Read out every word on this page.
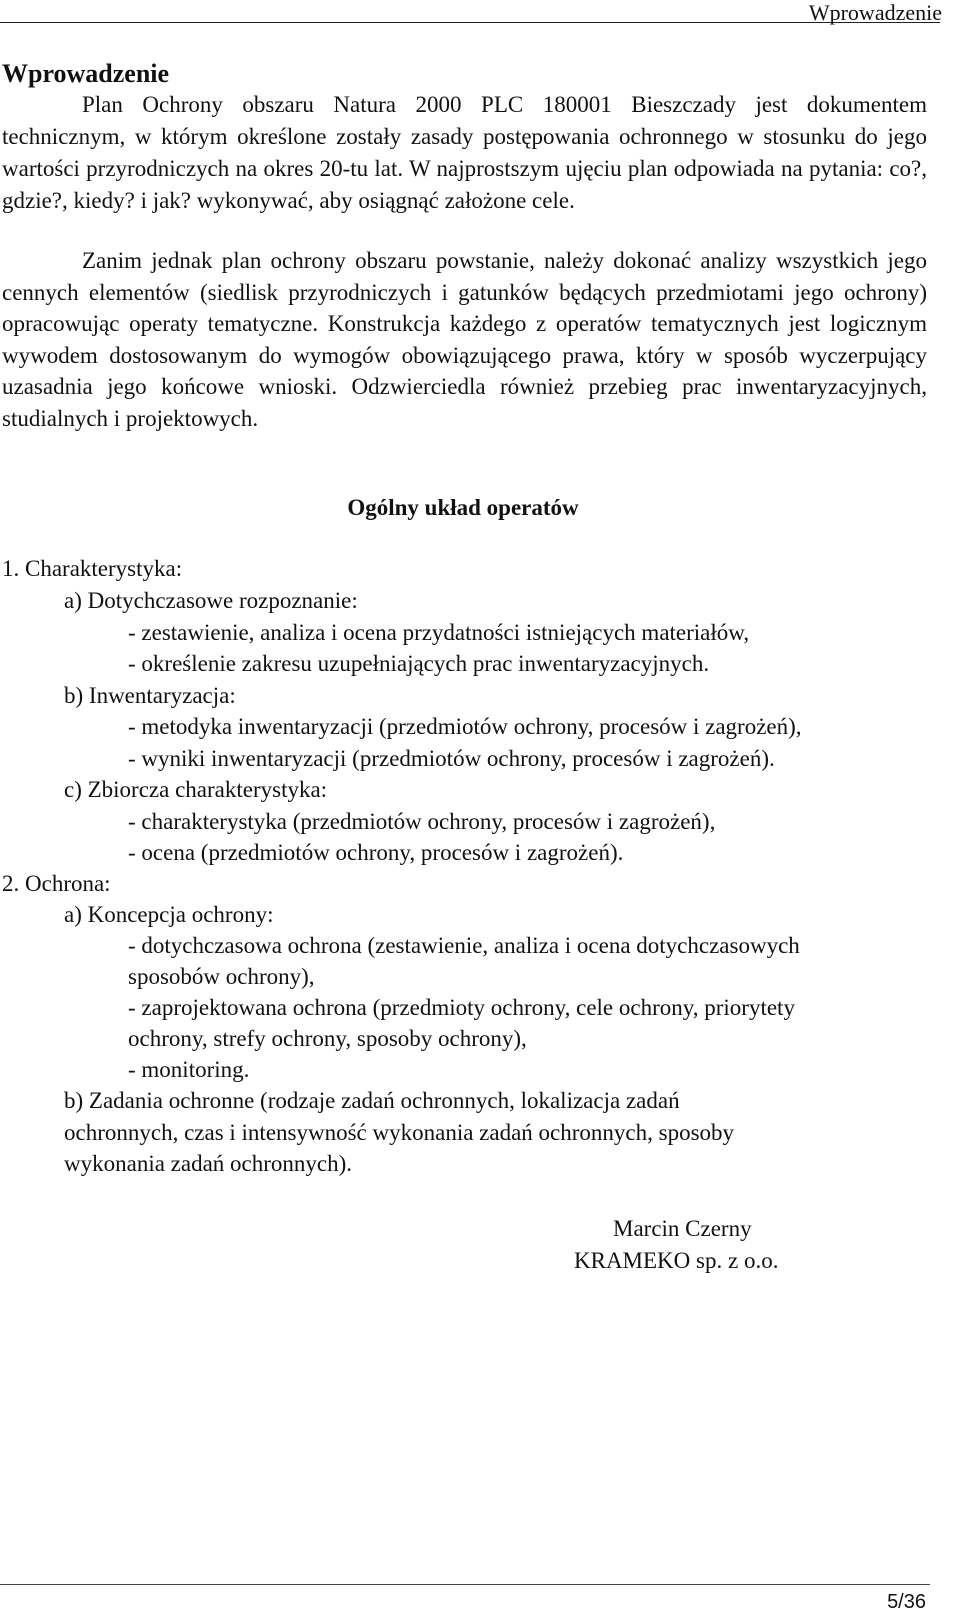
Wprowadzenie
Wprowadzenie

Plan Ochrony obszaru Natura 2000 PLC 180001 Bieszczady jest dokumentem technicznym, w którym określone zostały zasady postępowania ochronnego w stosunku do jego wartości przyrodniczych na okres 20-tu lat. W najprostszym ujęciu plan odpowiada na pytania: co?, gdzie?, kiedy? i jak? wykonywać, aby osiągnąć założone cele.

Zanim jednak plan ochrony obszaru powstanie, należy dokonać analizy wszystkich jego cennych elementów (siedlisk przyrodniczych i gatunków będących przedmiotami jego ochrony) opracowując operaty tematyczne. Konstrukcja każdego z operatów tematycznych jest logicznym wywodem dostosowanym do wymogów obowiązującego prawa, który w sposób wyczerpujący uzasadnia jego końcowe wnioski. Odzwierciedla również przebieg prac inwentaryzacyjnych, studialnych i projektowych.

Ogólny układ operatów
1. Charakterystyka:
a) Dotychczasowe rozpoznanie:
- zestawienie, analiza i ocena przydatności istniejących materiałów,
- określenie zakresu uzupełniających prac inwentaryzacyjnych.
b) Inwentaryzacja:
- metodyka inwentaryzacji (przedmiotów ochrony, procesów i zagrożeń),
- wyniki inwentaryzacji (przedmiotów ochrony, procesów i zagrożeń).
c) Zbiorcza charakterystyka:
- charakterystyka (przedmiotów ochrony, procesów i zagrożeń),
- ocena (przedmiotów ochrony, procesów i zagrożeń).
2. Ochrona:
a) Koncepcja ochrony:
- dotychczasowa ochrona (zestawienie, analiza i ocena dotychczasowych
sposobów ochrony),
- zaprojektowana ochrona (przedmioty ochrony, cele ochrony, priorytety
ochrony, strefy ochrony, sposoby ochrony),
- monitoring.
b) Zadania ochronne (rodzaje zadań ochronnych, lokalizacja zadań
ochronnych, czas i intensywność wykonania zadań ochronnych, sposoby
wykonania zadań ochronnych).
Marcin Czerny
KRAMEKO sp. z o.o.
5/36
